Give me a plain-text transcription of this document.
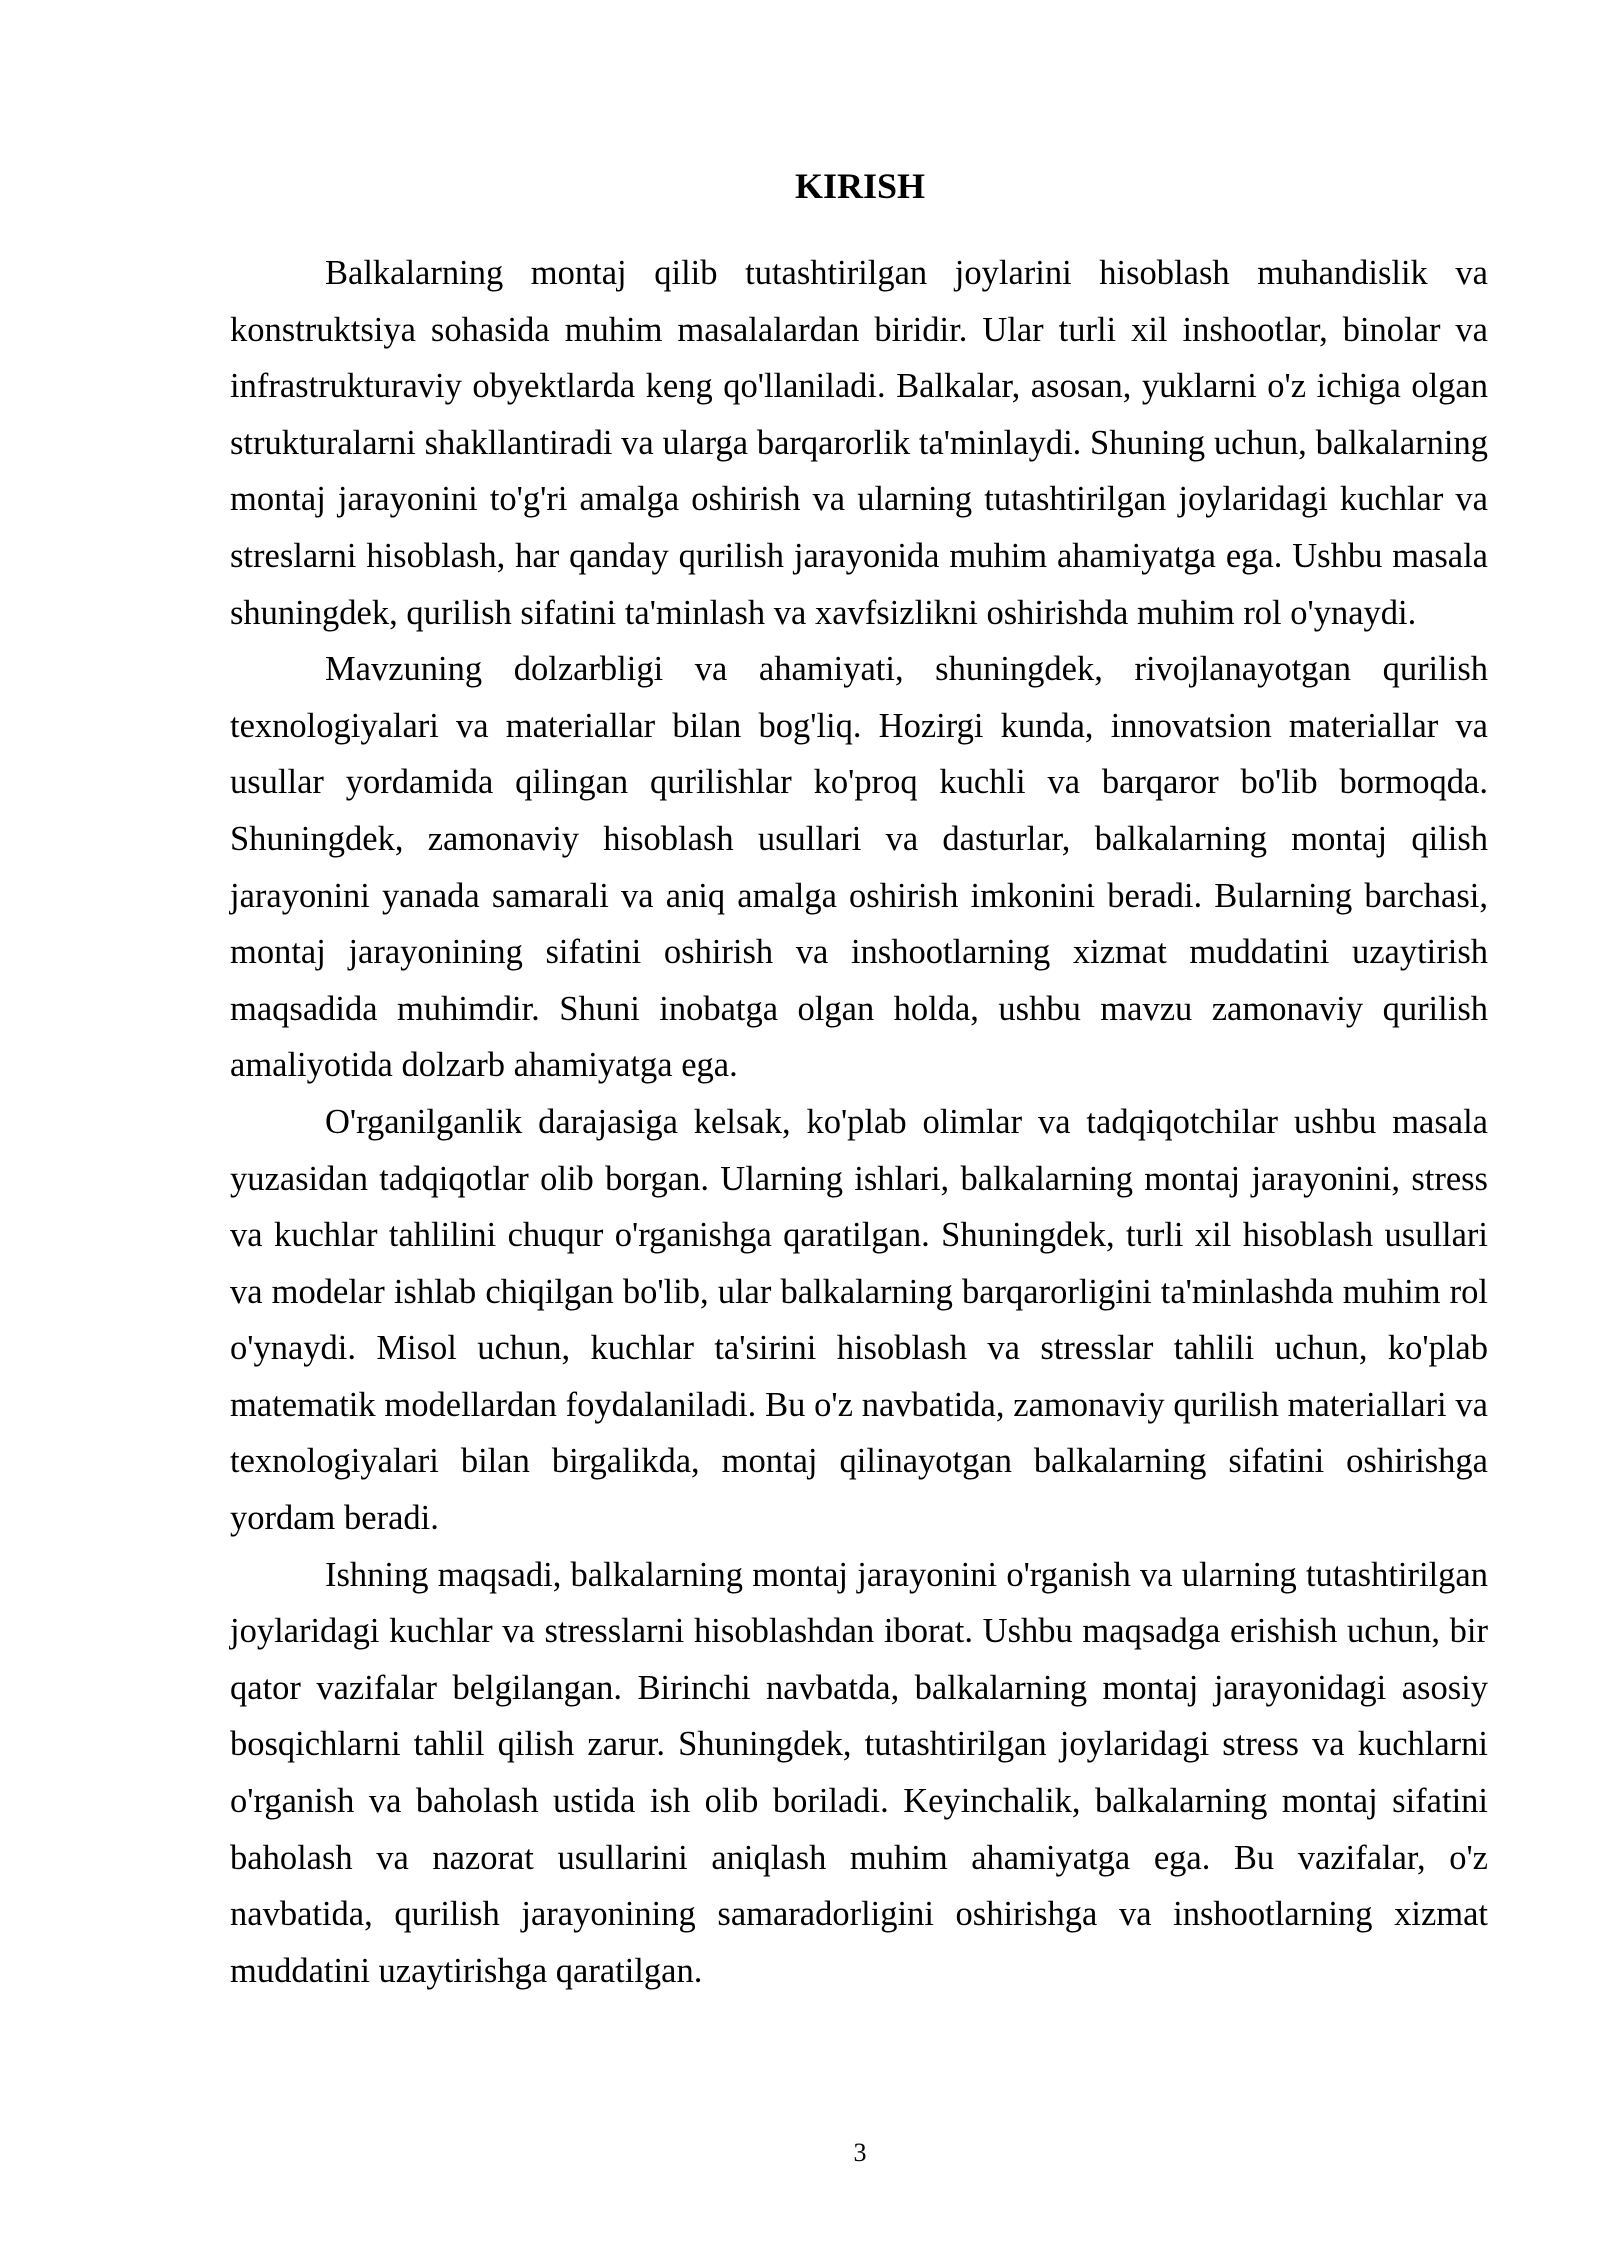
KIRISH

Balkalarning montaj qilib tutashtirilgan joylarini hisoblash muhandislik va konstruktsiya sohasida muhim masalalardan biridir. Ular turli xil inshootlar, binolar va infrastrukturaviy obyektlarda keng qo'llaniladi. Balkalar, asosan, yuklarni o'z ichiga olgan strukturalarni shakllantiradi va ularga barqarorlik ta'minlaydi. Shuning uchun, balkalarning montaj jarayonini to'g'ri amalga oshirish va ularning tutashtirilgan joylaridagi kuchlar va streslarni hisoblash, har qanday qurilish jarayonida muhim ahamiyatga ega. Ushbu masala shuningdek, qurilish sifatini ta'minlash va xavfsizlikni oshirishda muhim rol o'ynaydi.

Mavzuning dolzarbligi va ahamiyati, shuningdek, rivojlanayotgan qurilish texnologiyalari va materiallar bilan bog'liq. Hozirgi kunda, innovatsion materiallar va usullar yordamida qilingan qurilishlar ko'proq kuchli va barqaror bo'lib bormoqda. Shuningdek, zamonaviy hisoblash usullari va dasturlar, balkalarning montaj qilish jarayonini yanada samarali va aniq amalga oshirish imkonini beradi. Bularning barchasi, montaj jarayonining sifatini oshirish va inshootlarning xizmat muddatini uzaytirish maqsadida muhimdir. Shuni inobatga olgan holda, ushbu mavzu zamonaviy qurilish amaliyotida dolzarb ahamiyatga ega.

O'rganilganlik darajasiga kelsak, ko'plab olimlar va tadqiqotchilar ushbu masala yuzasidan tadqiqotlar olib borgan. Ularning ishlari, balkalarning montaj jarayonini, stress va kuchlar tahlilini chuqur o'rganishga qaratilgan. Shuningdek, turli xil hisoblash usullari va modelar ishlab chiqilgan bo'lib, ular balkalarning barqarorligini ta'minlashda muhim rol o'ynaydi. Misol uchun, kuchlar ta'sirini hisoblash va stresslar tahlili uchun, ko'plab matematik modellardan foydalaniladi. Bu o'z navbatida, zamonaviy qurilish materiallari va texnologiyalari bilan birgalikda, montaj qilinayotgan balkalarning sifatini oshirishga yordam beradi.

Ishning maqsadi, balkalarning montaj jarayonini o'rganish va ularning tutashtirilgan joylaridagi kuchlar va stresslarni hisoblashdan iborat. Ushbu maqsadga erishish uchun, bir qator vazifalar belgilangan. Birinchi navbatda, balkalarning montaj jarayonidagi asosiy bosqichlarni tahlil qilish zarur. Shuningdek, tutashtirilgan joylaridagi stress va kuchlarni o'rganish va baholash ustida ish olib boriladi. Keyinchalik, balkalarning montaj sifatini baholash va nazorat usullarini aniqlash muhim ahamiyatga ega. Bu vazifalar, o'z navbatida, qurilish jarayonining samaradorligini oshirishga va inshootlarning xizmat muddatini uzaytirishga qaratilgan.

3
